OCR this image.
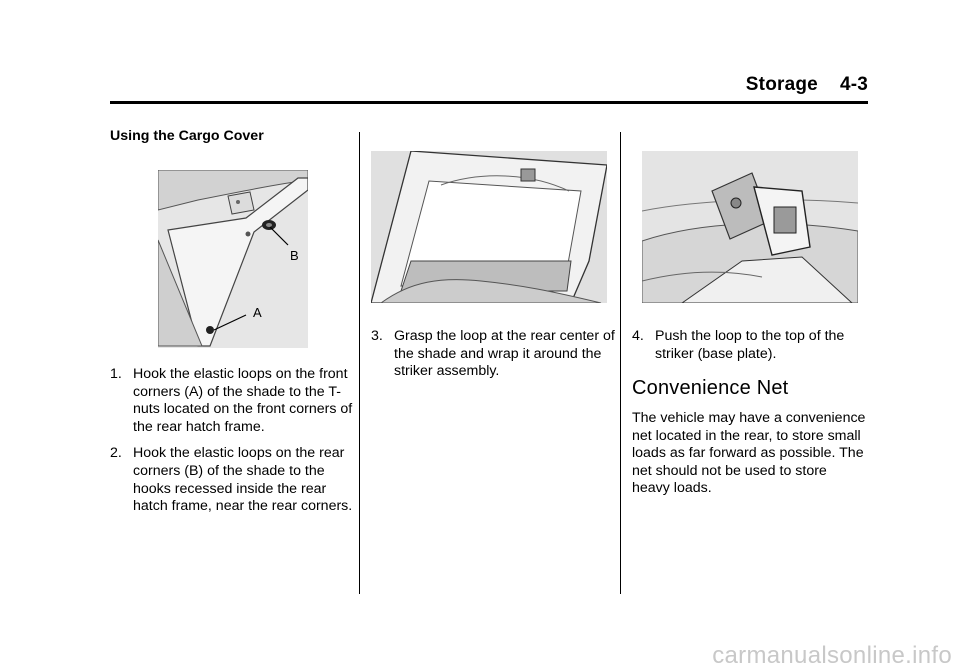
Storage 4-3
Using the Cargo Cover
B
A

1. Hook the elastic loops on the front corners (A) of the shade to the T-nuts located on the front corners of the rear hatch frame.

2. Hook the elastic loops on the rear corners (B) of the shade to the hooks recessed inside the rear hatch frame, near the rear corners.

3. Grasp the loop at the rear center of the shade and wrap it around the striker assembly.

4. Push the loop to the top of the striker (base plate).

Convenience Net
The vehicle may have a convenience net located in the rear, to store small loads as far forward as possible. The net should not be used to store heavy loads.
carmanualsonline.info
